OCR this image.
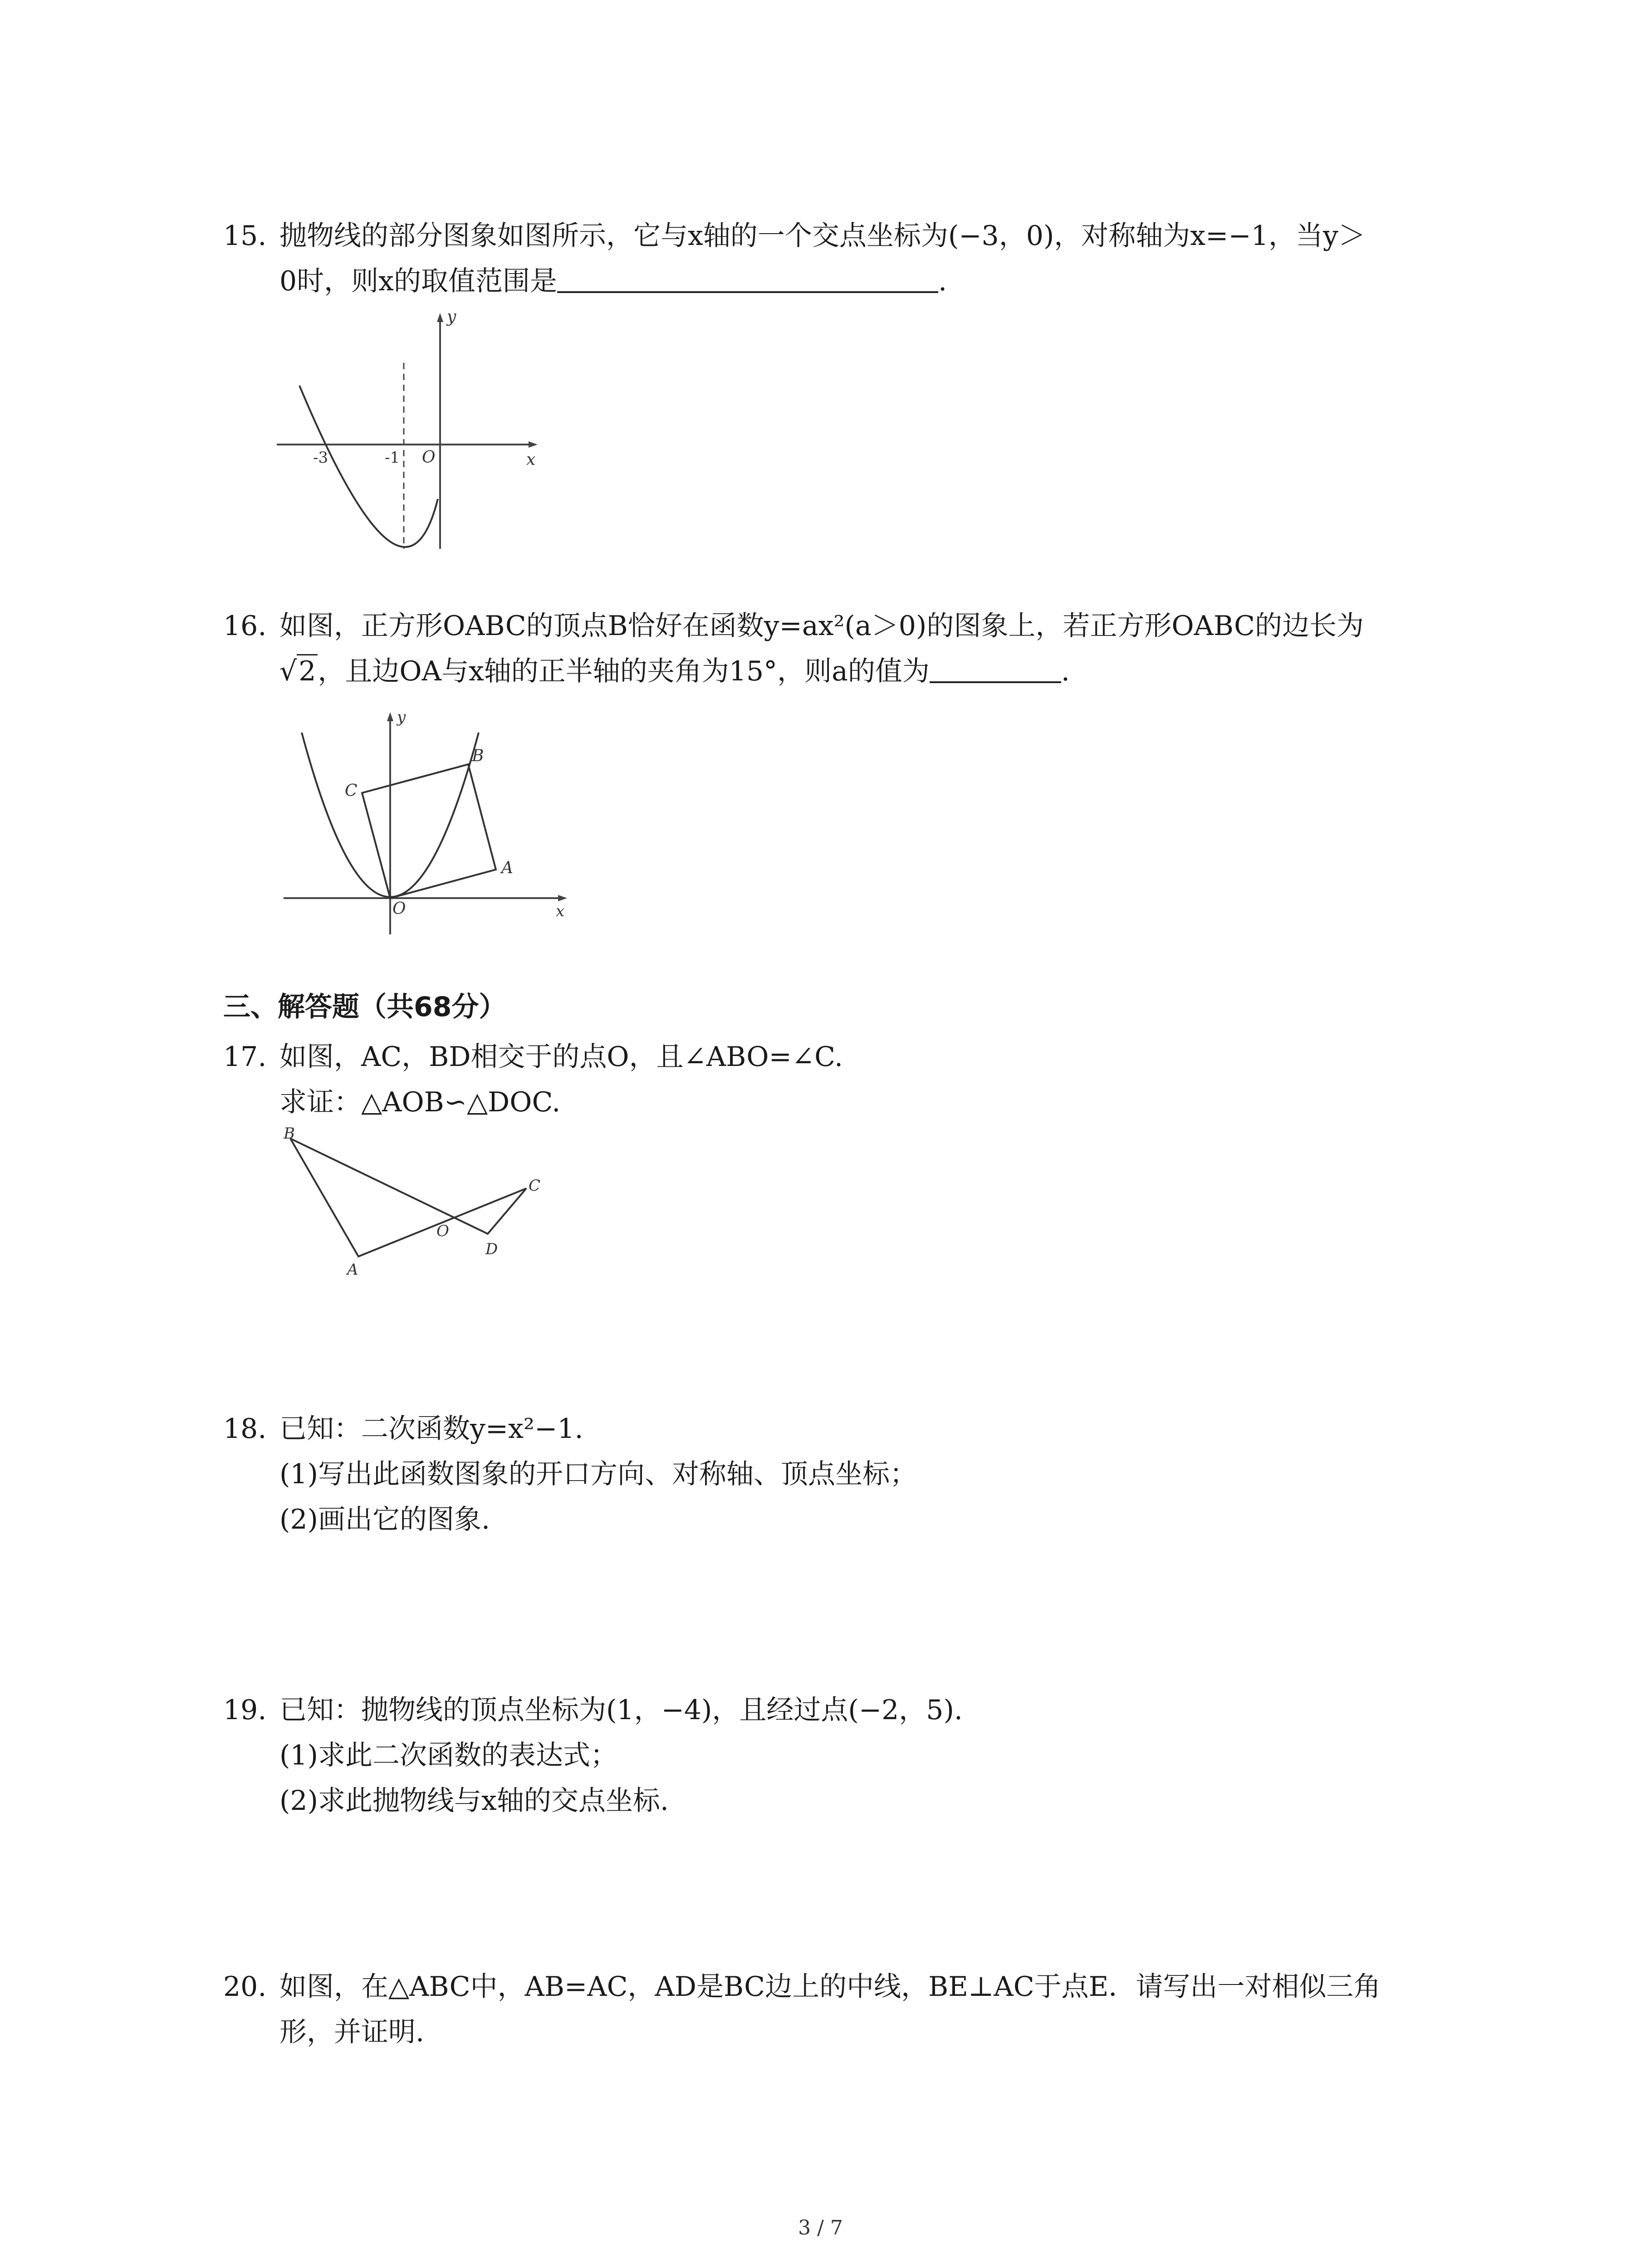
15. 抛物线的部分图象如图所示，它与x轴的一个交点坐标为(−3，0)，对称轴为x=−1，当y＞
0时，则x的取值范围是	.
y
x
O
-3	-1
16. 如图，正方形OABC的顶点B恰好在函数y=ax²(a＞0)的图象上，若正方形OABC的边长为
√2，且边OA与x轴的正半轴的夹角为15°，则a的值为	.
O
A
B
C
y
x
三、解答题（共68分）
17. 如图，AC，BD相交于的点O，且∠ABO=∠C.
求证：△AOB∽△DOC.
B
A
C
D
O
18. 已知：二次函数y=x²−1.
(1)写出此函数图象的开口方向、对称轴、顶点坐标；
(2)画出它的图象.
19. 已知：抛物线的顶点坐标为(1，−4)，且经过点(−2，5).
(1)求此二次函数的表达式；
(2)求此抛物线与x轴的交点坐标.
20. 如图，在△ABC中，AB=AC，AD是BC边上的中线，BE⊥AC于点E．请写出一对相似三角
形，并证明.
3 / 7
